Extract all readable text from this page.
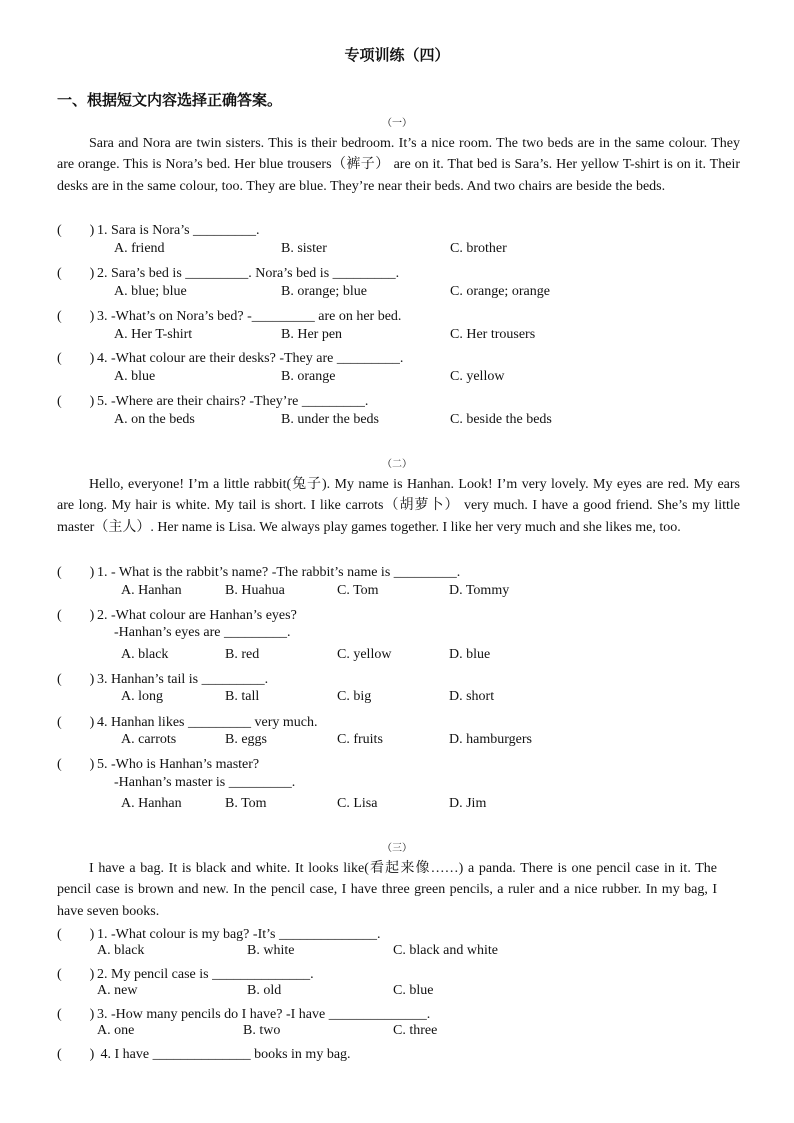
专项训练（四）
一、根据短文内容选择正确答案。
（一）

Sara and Nora are twin sisters. This is their bedroom. It’s a nice room. The two beds are in the same colour. They are orange. This is Nora’s bed. Her blue trousers（裤子） are on it. That bed is Sara’s. Her yellow T-shirt is on it. Their desks are in the same colour, too. They are blue. They’re near their beds. And two chairs are beside the beds.

(　　) 1. Sara is Nora’s _________.
A. friend	B. sister	C. brother
(　　) 2. Sara’s bed is _________. Nora’s bed is _________.
A. blue; blue	B. orange; blue	C. orange; orange
(　　) 3. -What’s on Nora’s bed? -_________ are on her bed.
A. Her T-shirt	B. Her pen	C. Her trousers
(　　) 4. -What colour are their desks? -They are _________.
A. blue	B. orange	C. yellow
(　　) 5. -Where are their chairs? -They’re _________.
A. on the beds	B. under the beds	C. beside the beds
（二）

Hello, everyone! I’m a little rabbit(兔子). My name is Hanhan. Look! I’m very lovely. My eyes are red. My ears are long. My hair is white. My tail is short. I like carrots（胡萝卜） very much. I have a good friend. She’s my little master（主人）. Her name is Lisa. We always play games together. I like her very much and she likes me, too.

(　　) 1. - What is the rabbit’s name? -The rabbit’s name is _________.
A. Hanhan	B. Huahua	C. Tom	D. Tommy
(　　) 2. -What colour are Hanhan’s eyes?
-Hanhan’s eyes are _________.
A. black	B. red	C. yellow	D. blue
(　　) 3. Hanhan’s tail is _________.
A. long	B. tall	C. big	D. short
(　　) 4. Hanhan likes _________ very much.
A. carrots	B. eggs	C. fruits	D. hamburgers
(　　) 5. -Who is Hanhan’s master?
-Hanhan’s master is _________.
A. Hanhan	B. Tom	C. Lisa	D. Jim
（三）

I have a bag. It is black and white. It looks like(看起来像……) a panda. There is one pencil case in it. The pencil case is brown and new. In the pencil case, I have three green pencils, a ruler and a nice rubber. In my bag, I have seven books.

(　　) 1. -What colour is my bag? -It’s ______________.
A. black	B. white	C. black and white
(　　) 2. My pencil case is ______________.
A. new	B. old	C. blue
(　　) 3. -How many pencils do I have? -I have ______________.
A. one	B. two	C. three
(　　) 4. I have ______________ books in my bag.
